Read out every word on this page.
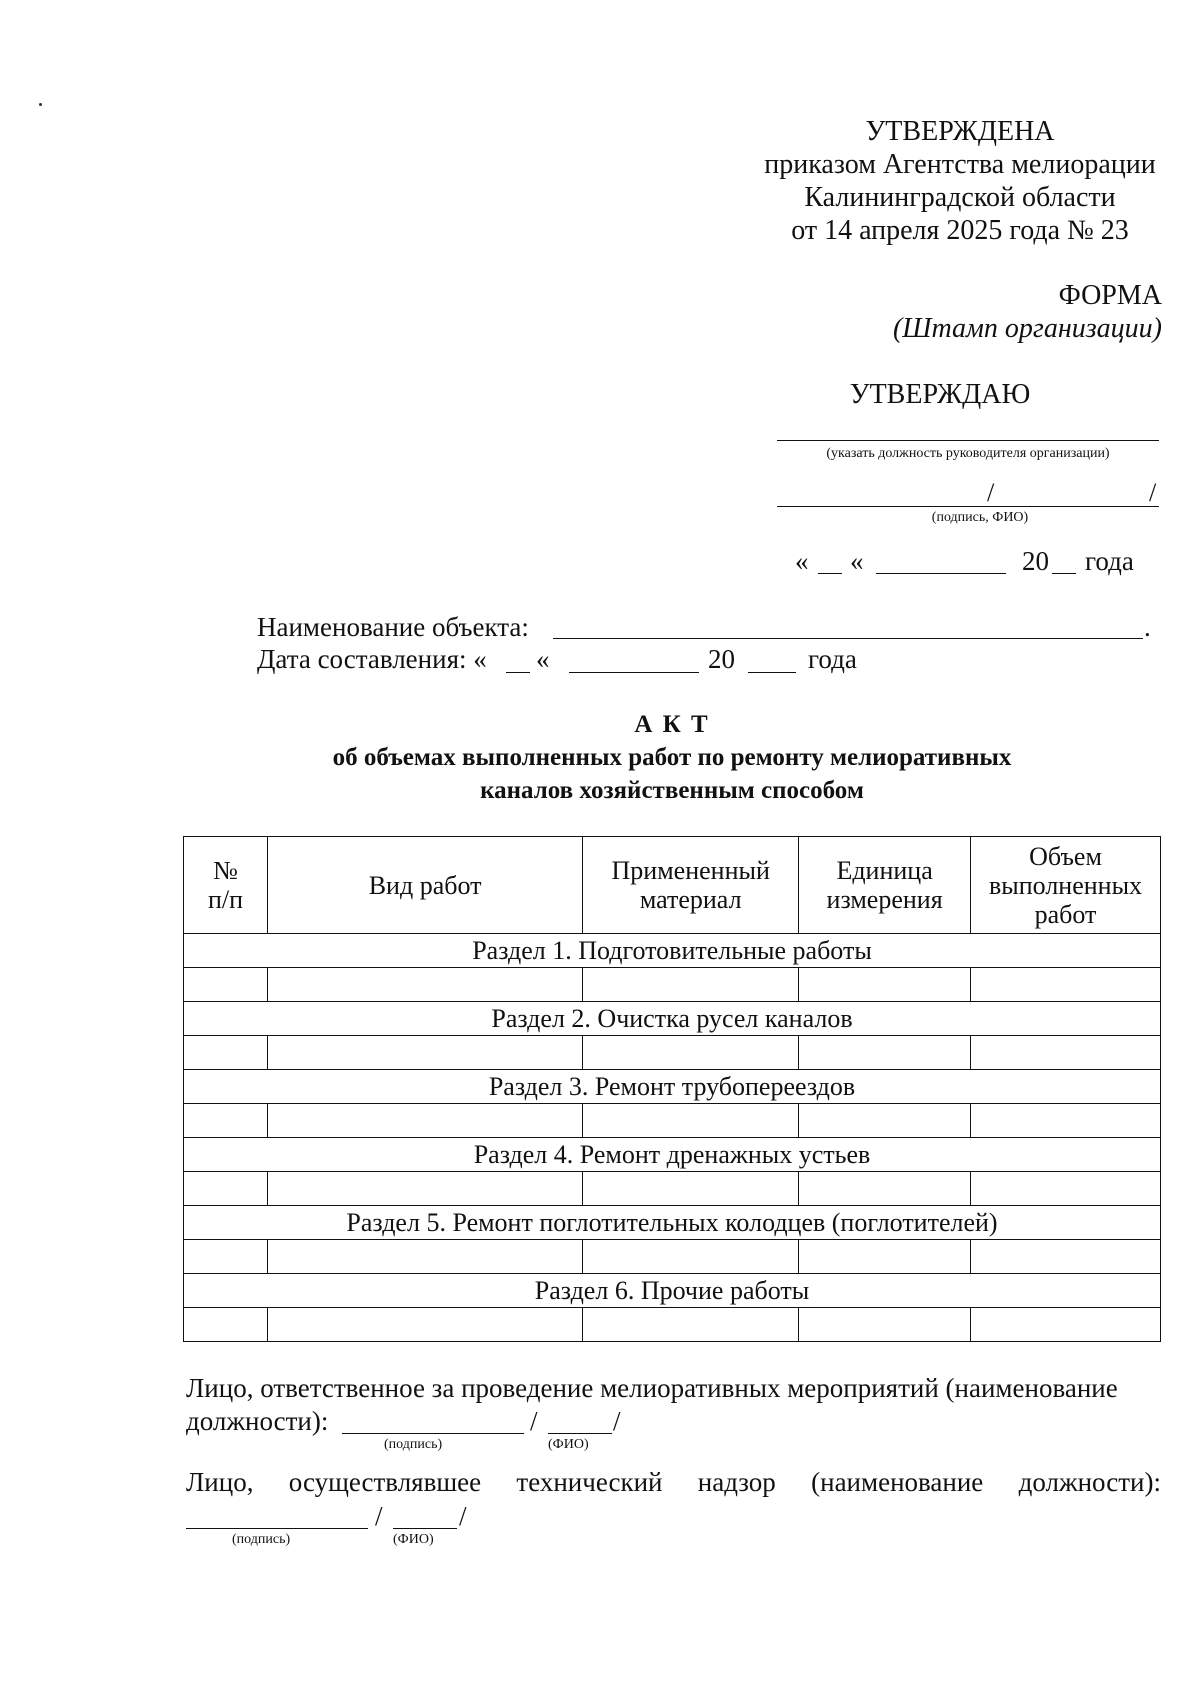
УТВЕРЖДЕНА
приказом Агентства мелиорации
Калининградской области
от 14 апреля 2025 года № 23
ФОРМА
(Штамп организации)
УТВЕРЖДАЮ
(указать должность руководителя организации)
/	/
(подпись, ФИО)
« «	20 года
Наименование объекта:	.
Дата составления: « «	20	года
А К Т
об объемах выполненных работ по ремонту мелиоративных
каналов хозяйственным способом
№ п/п	Вид работ	Примененный материал	Единица измерения	Объем выполненных работ
Раздел 1. Подготовительные работы				

Раздел 2. Очистка русел каналов				

Раздел 3. Ремонт трубопереездов				

Раздел 4. Ремонт дренажных устьев				

Раздел 5. Ремонт поглотительных колодцев (поглотителей)				

Раздел 6. Прочие работы				

Лицо, ответственное за проведение мелиоративных мероприятий (наименование
должности):	/	/
(подпись)	(ФИО)
Лицо, осуществлявшее технический надзор (наименование должности):
/	/
(подпись)	(ФИО)
